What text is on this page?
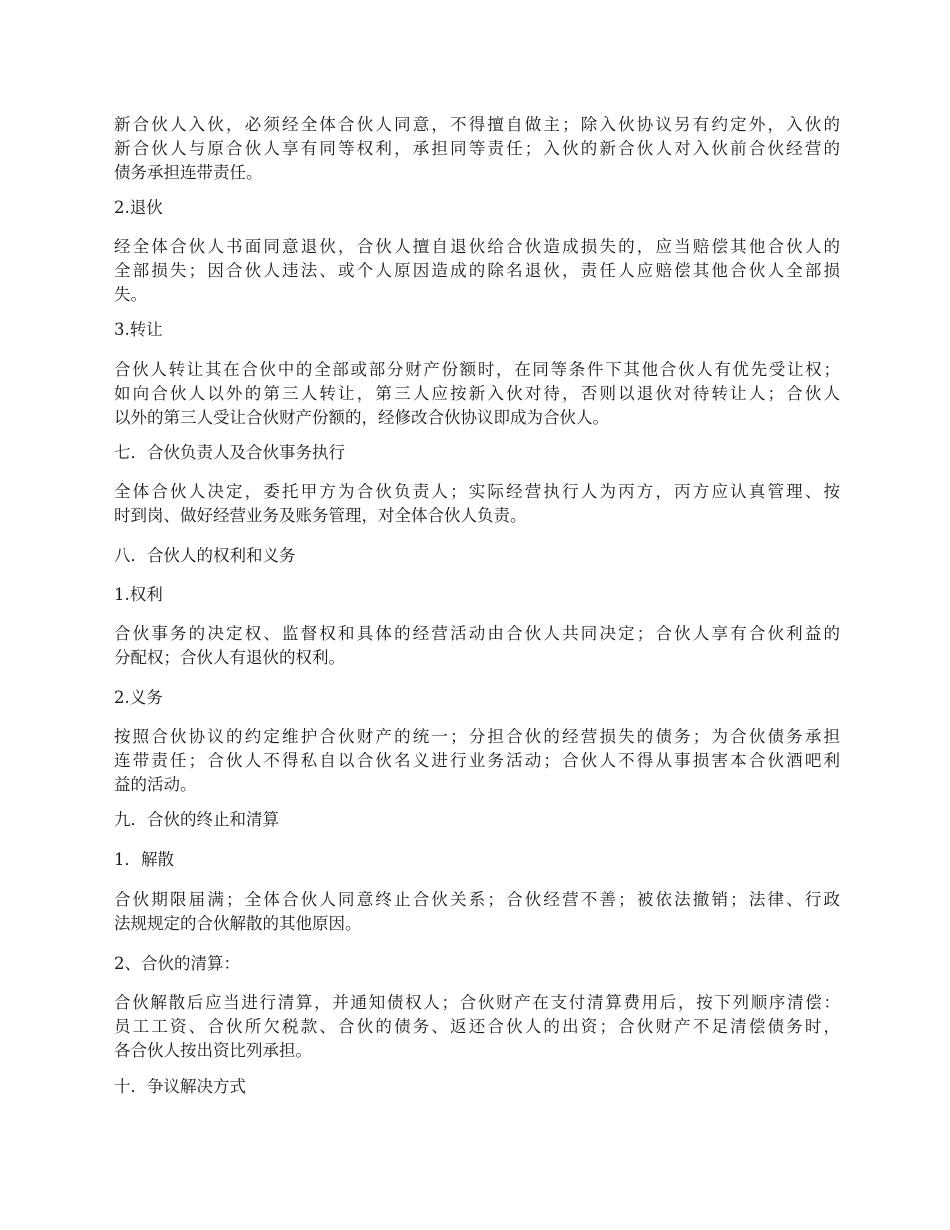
新合伙人入伙，必须经全体合伙人同意，不得擅自做主；除入伙协议另有约定外，入伙的
新合伙人与原合伙人享有同等权利，承担同等责任；入伙的新合伙人对入伙前合伙经营的
债务承担连带责任。
2.退伙
经全体合伙人书面同意退伙，合伙人擅自退伙给合伙造成损失的，应当赔偿其他合伙人的
全部损失；因合伙人违法、或个人原因造成的除名退伙，责任人应赔偿其他合伙人全部损
失。
3.转让
合伙人转让其在合伙中的全部或部分财产份额时，在同等条件下其他合伙人有优先受让权；
如向合伙人以外的第三人转让，第三人应按新入伙对待，否则以退伙对待转让人；合伙人
以外的第三人受让合伙财产份额的，经修改合伙协议即成为合伙人。
七．合伙负责人及合伙事务执行
全体合伙人决定，委托甲方为合伙负责人；实际经营执行人为丙方，丙方应认真管理、按
时到岗、做好经营业务及账务管理，对全体合伙人负责。
八．合伙人的权利和义务
1.权利
合伙事务的决定权、监督权和具体的经营活动由合伙人共同决定；合伙人享有合伙利益的
分配权；合伙人有退伙的权利。
2.义务
按照合伙协议的约定维护合伙财产的统一；分担合伙的经营损失的债务；为合伙债务承担
连带责任；合伙人不得私自以合伙名义进行业务活动；合伙人不得从事损害本合伙酒吧利
益的活动。
九．合伙的终止和清算
1．解散
合伙期限届满；全体合伙人同意终止合伙关系；合伙经营不善；被依法撤销；法律、行政
法规规定的合伙解散的其他原因。
2、合伙的清算：
合伙解散后应当进行清算，并通知债权人；合伙财产在支付清算费用后，按下列顺序清偿：
员工工资、合伙所欠税款、合伙的债务、返还合伙人的出资；合伙财产不足清偿债务时，
各合伙人按出资比列承担。
十．争议解决方式
